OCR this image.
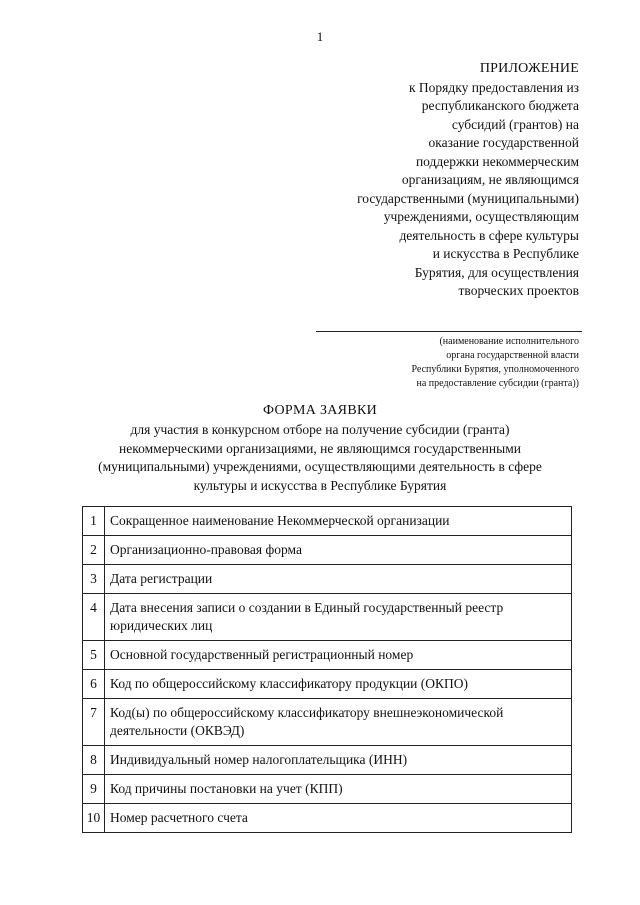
1
ПРИЛОЖЕНИЕ
к Порядку предоставления из
республиканского бюджета
субсидий (грантов) на
оказание государственной
поддержки некоммерческим
организациям, не являющимся
государственными (муниципальными)
учреждениями, осуществляющим
деятельность в сфере культуры
и искусства в Республике
Бурятия, для осуществления
творческих проектов
(наименование исполнительного
органа государственной власти
Республики Бурятия, уполномоченного
на предоставление субсидии (гранта))
ФОРМА ЗАЯВКИ
для участия в конкурсном отборе на получение субсидии (гранта)
некоммерческими организациями, не являющимся государственными
(муниципальными) учреждениями, осуществляющими деятельность в сфере
культуры и искусства в Республике Бурятия
1	Сокращенное наименование Некоммерческой организации
2	Организационно-правовая форма
3	Дата регистрации
4	Дата внесения записи о создании в Единый государственный реестр юридических лиц
5	Основной государственный регистрационный номер
6	Код по общероссийскому классификатору продукции (ОКПО)
7	Код(ы) по общероссийскому классификатору внешнеэкономической деятельности (ОКВЭД)
8	Индивидуальный номер налогоплательщика (ИНН)
9	Код причины постановки на учет (КПП)
10	Номер расчетного счета
